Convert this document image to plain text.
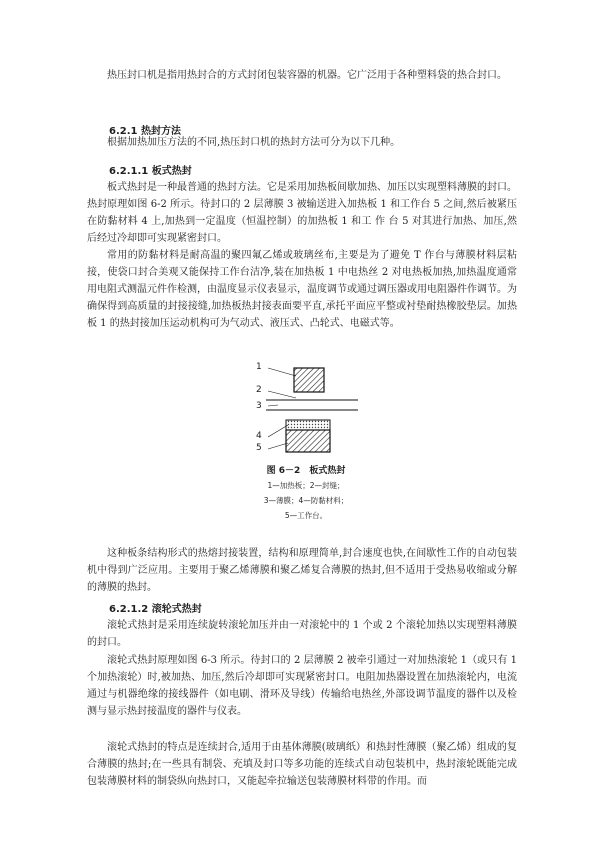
热压封口机是指用热封合的方式封闭包装容器的机器。它广泛用于各种塑料袋的热合封口。

6.2.1 热封方法

根据加热加压方法的不同,热压封口机的热封方法可分为以下几种。

6.2.1.1 板式热封

板式热封是一种最普通的热封方法。它是采用加热板间歇加热、加压以实现塑料薄膜的封口。热封原理如图 6-2 所示。待封口的 2 层薄膜 3 被输送进入加热板 1 和工作台 5 之间,然后被紧压在防黏材料 4 上,加热到一定温度（恒温控制）的加热板 1 和工 作 台 5 对其进行加热、加压,然后经过冷却即可实现紧密封口。

常用的防黏材料是耐高温的聚四氟乙烯或玻璃丝布,主要是为了避免 T 作台与薄膜材料层粘接，使袋口封合美观又能保持工作台洁净,装在加热板 1 中电热丝 2 对电热板加热,加热温度通常 用电阻式测温元件作检测，由温度显示仪表显示，温度调节或通过调压器或用电阻器件作调节。为确保得到高质量的封接接缝,加热板热封接表面要平直,承托平面应平整或衬垫耐热橡胶垫层。加热板 1 的热封接加压运动机构可为气动式、液压式、凸轮式、电磁式等。

1
2
3
4
5

图 6－2　板式热封

1—加热板；2—封缝；

3—薄膜；4—防黏材料；

5—工作台。

这种板条结构形式的热熔封接装置，结构和原理简单,封合速度也快,在间歇性工作的自动包装机中得到广泛应用。主要用于聚乙烯薄膜和聚乙烯复合薄膜的热封,但不适用于受热易收缩或分解的薄膜的热封。

6.2.1.2 滚轮式热封

滚轮式热封是采用连续旋转滚轮加压并由一对滚轮中的 1 个或 2 个滚轮加热以实现塑料薄膜的封口。

滚轮式热封原理如图 6-3 所示。待封口的 2 层薄膜 2 被牵引通过一对加热滚轮 1（或只有 1 个加热滚轮）时,被加热、加压,然后冷却即可实现紧密封口。电阻加热器设置在加热滚轮内，电流通过与机器绝缘的接线器件（如电刷、滑环及导线）传输给电热丝,外部设调节温度的器件以及检测与显示热封接温度的器件与仪表。

滚轮式热封的特点是连续封合,适用于由基体薄膜(玻璃纸）和热封性薄膜（聚乙烯）组成的复合薄膜的热封;在一些具有制袋、充填及封口等多功能的连续式自动包装机中，热封滚轮既能完成包装薄膜材料的制袋纵向热封口，又能起牵拉输送包装薄膜材料带的作用。而
